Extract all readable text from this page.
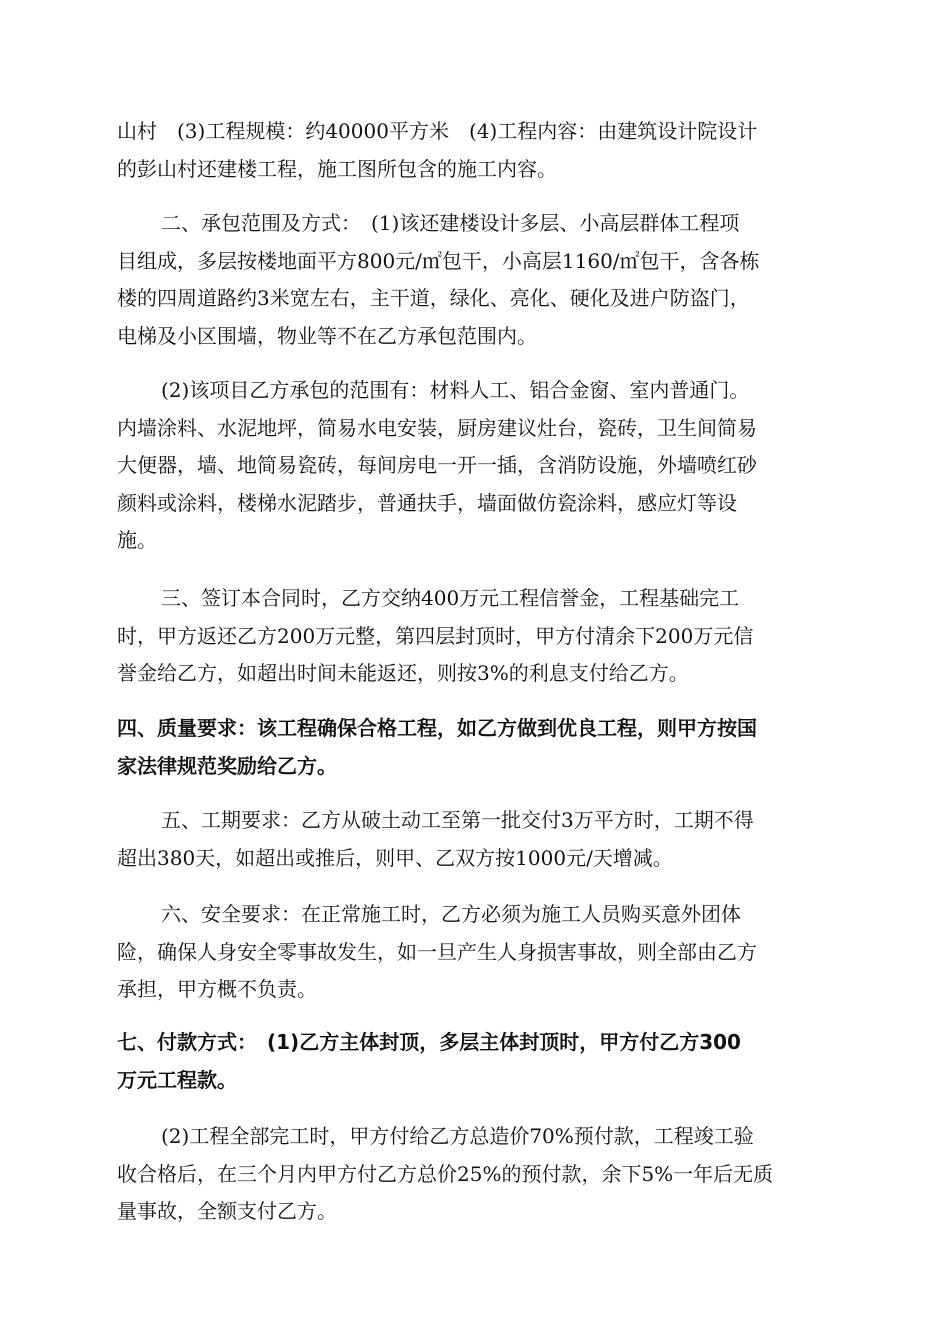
山村　(3)工程规模：约40000平方米　(4)工程内容：由建筑设计院设计
的彭山村还建楼工程，施工图所包含的施工内容。
二、承包范围及方式：　(1)该还建楼设计多层、小高层群体工程项
目组成，多层按楼地面平方800元/㎡包干，小高层1160/㎡包干，含各栋
楼的四周道路约3米宽左右，主干道，绿化、亮化、硬化及进户防盗门，
电梯及小区围墙，物业等不在乙方承包范围内。
(2)该项目乙方承包的范围有：材料人工、铝合金窗、室内普通门。
内墙涂料、水泥地坪，简易水电安装，厨房建议灶台，瓷砖，卫生间简易
大便器，墙、地简易瓷砖，每间房电一开一插，含消防设施，外墙喷红砂
颜料或涂料，楼梯水泥踏步，普通扶手，墙面做仿瓷涂料，感应灯等设
施。
三、签订本合同时，乙方交纳400万元工程信誉金，工程基础完工
时，甲方返还乙方200万元整，第四层封顶时，甲方付清余下200万元信
誉金给乙方，如超出时间未能返还，则按3%的利息支付给乙方。
四、质量要求：该工程确保合格工程，如乙方做到优良工程，则甲方按国
家法律规范奖励给乙方。
五、工期要求：乙方从破土动工至第一批交付3万平方时，工期不得
超出380天，如超出或推后，则甲、乙双方按1000元/天增减。
六、安全要求：在正常施工时，乙方必须为施工人员购买意外团体
险，确保人身安全零事故发生，如一旦产生人身损害事故，则全部由乙方
承担，甲方概不负责。
七、付款方式：　(1)乙方主体封顶，多层主体封顶时，甲方付乙方300
万元工程款。
(2)工程全部完工时，甲方付给乙方总造价70%预付款，工程竣工验
收合格后，在三个月内甲方付乙方总价25%的预付款，余下5%一年后无质
量事故，全额支付乙方。
